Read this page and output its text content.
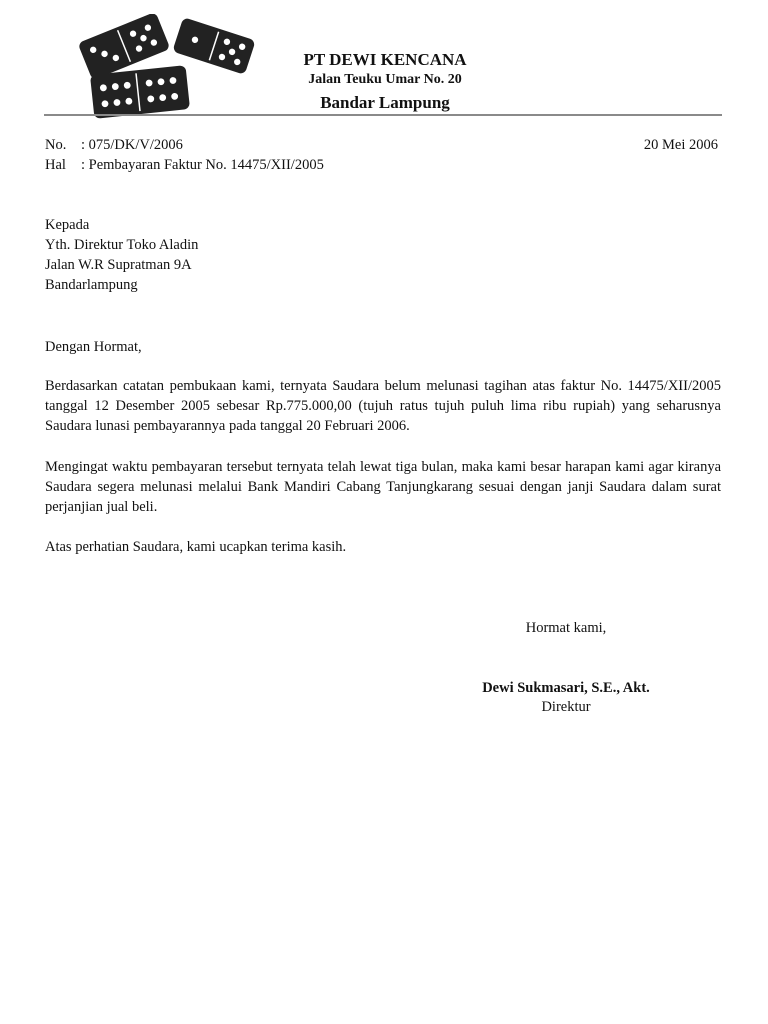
PT DEWI KENCANA
Jalan Teuku Umar No. 20
Bandar Lampung
No. : 075/DK/V/2006	20 Mei 2006
Hal : Pembayaran Faktur No. 14475/XII/2005
Kepada
Yth. Direktur Toko Aladin
Jalan W.R Supratman 9A
Bandarlampung
Dengan Hormat,
Berdasarkan catatan pembukaan kami, ternyata Saudara belum melunasi tagihan atas faktur No. 14475/XII/2005 tanggal 12 Desember 2005 sebesar Rp.775.000,00 (tujuh ratus tujuh puluh lima ribu rupiah) yang seharusnya Saudara lunasi pembayarannya pada tanggal 20 Februari 2006.
Mengingat waktu pembayaran tersebut ternyata telah lewat tiga bulan, maka kami besar harapan kami agar kiranya Saudara segera melunasi melalui Bank Mandiri Cabang Tanjungkarang sesuai dengan janji Saudara dalam surat perjanjian jual beli.
Atas perhatian Saudara, kami ucapkan terima kasih.
Hormat kami,
Dewi Sukmasari, S.E., Akt.
Direktur
